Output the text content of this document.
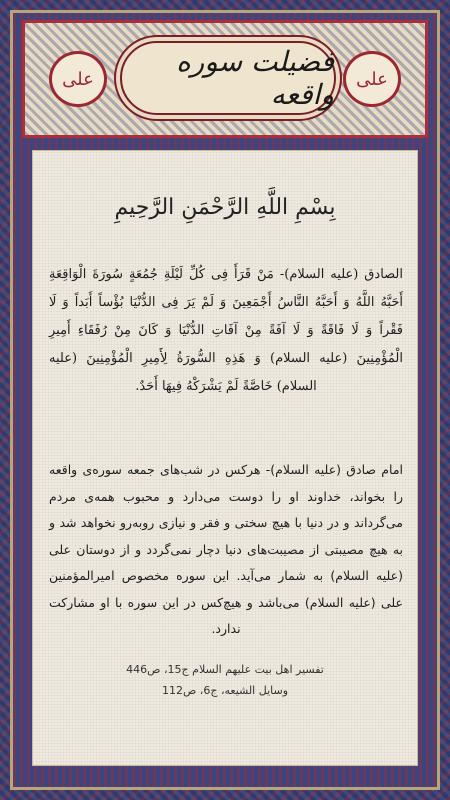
علی
فضیلت سوره واقعه	علی
بِسْمِ اللَّهِ الرَّحْمَنِ الرَّحِيمِ

الصادق (علیه السلام)- مَنْ قَرَأَ فِی كُلِّ لَيْلَةِ جُمُعَةٍ سُورَةَ الْوَاقِعَةِ أَحَبَّهُ اللَّهُ وَ أَحَبَّهُ النَّاسُ أَجْمَعِينَ وَ لَمْ يَرَ فِی الدُّنْيَا بُؤْساً أَبَداً وَ لَا فَقْراً وَ لَا فَاقَةً وَ لَا آفَةً مِنْ آفَاتِ الدُّنْيَا وَ كَانَ مِنْ رُفَقَاءِ أَمِيرِ الْمُؤْمِنِينَ (علیه السلام) وَ هَذِهِ السُّورَةُ لِأَمِيرِ الْمُؤْمِنِينَ (علیه السلام) خَاصَّةً لَمْ يَشْرَكْهُ فِيهَا أَحَدٌ.

امام صادق (علیه السلام)- هرکس در شب‌های جمعه سوره‌ی واقعه را بخواند، خداوند او را دوست می‌دارد و محبوب همه‌ی مردم می‌گرداند و در دنیا با هیچ سختی و فقر و نیازی روبه‌رو نخواهد شد و به هیچ مصیبتی از مصیبت‌های دنیا دچار نمی‌گردد و از دوستان علی (علیه السلام) به شمار می‌آید. این سوره مخصوص امیرالمؤمنین علی (علیه السلام) می‌باشد و هیچ‌کس در این سوره با او مشارکت ندارد.

تفسیر اهل بیت علیهم السلام ج15، ص446
وسایل الشیعه، ج6، ص112
